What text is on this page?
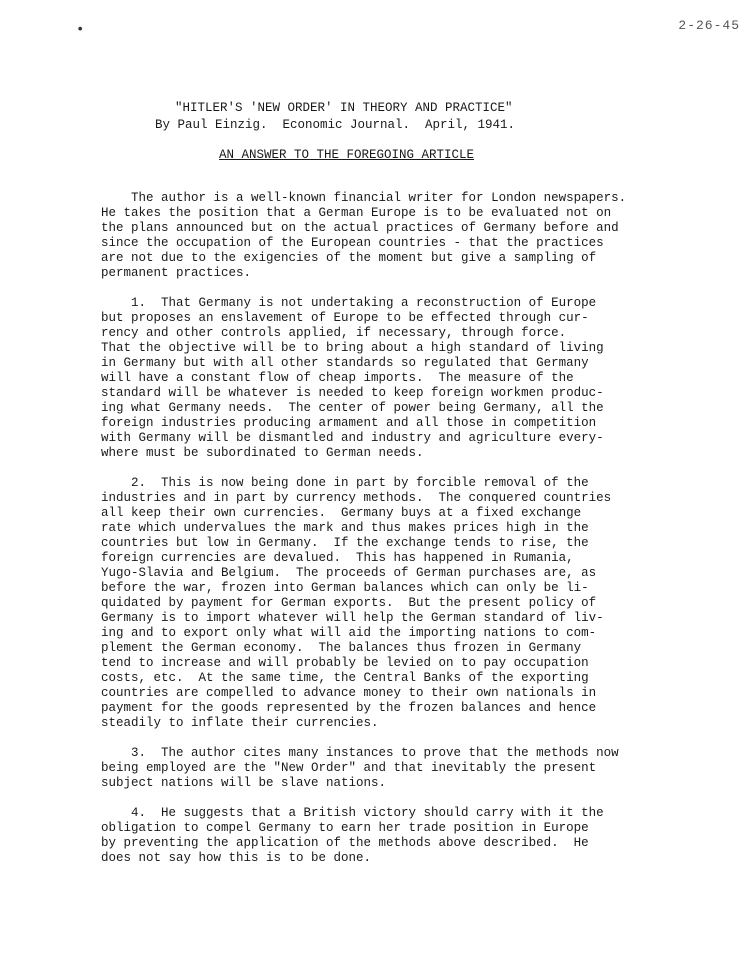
•	2-26-45
"HITLER'S 'NEW ORDER' IN THEORY AND PRACTICE"
By Paul Einzig.  Economic Journal.  April, 1941.
AN ANSWER TO THE FOREGOING ARTICLE
The author is a well-known financial writer for London newspapers.
He takes the position that a German Europe is to be evaluated not on
the plans announced but on the actual practices of Germany before and
since the occupation of the European countries - that the practices
are not due to the exigencies of the moment but give a sampling of
permanent practices.
1.  That Germany is not undertaking a reconstruction of Europe
but proposes an enslavement of Europe to be effected through cur-
rency and other controls applied, if necessary, through force.
That the objective will be to bring about a high standard of living
in Germany but with all other standards so regulated that Germany
will have a constant flow of cheap imports.  The measure of the
standard will be whatever is needed to keep foreign workmen produc-
ing what Germany needs.  The center of power being Germany, all the
foreign industries producing armament and all those in competition
with Germany will be dismantled and industry and agriculture every-
where must be subordinated to German needs.
2.  This is now being done in part by forcible removal of the
industries and in part by currency methods.  The conquered countries
all keep their own currencies.  Germany buys at a fixed exchange
rate which undervalues the mark and thus makes prices high in the
countries but low in Germany.  If the exchange tends to rise, the
foreign currencies are devalued.  This has happened in Rumania,
Yugo-Slavia and Belgium.  The proceeds of German purchases are, as
before the war, frozen into German balances which can only be li-
quidated by payment for German exports.  But the present policy of
Germany is to import whatever will help the German standard of liv-
ing and to export only what will aid the importing nations to com-
plement the German economy.  The balances thus frozen in Germany
tend to increase and will probably be levied on to pay occupation
costs, etc.  At the same time, the Central Banks of the exporting
countries are compelled to advance money to their own nationals in
payment for the goods represented by the frozen balances and hence
steadily to inflate their currencies.
3.  The author cites many instances to prove that the methods now
being employed are the "New Order" and that inevitably the present
subject nations will be slave nations.
4.  He suggests that a British victory should carry with it the
obligation to compel Germany to earn her trade position in Europe
by preventing the application of the methods above described.  He
does not say how this is to be done.
